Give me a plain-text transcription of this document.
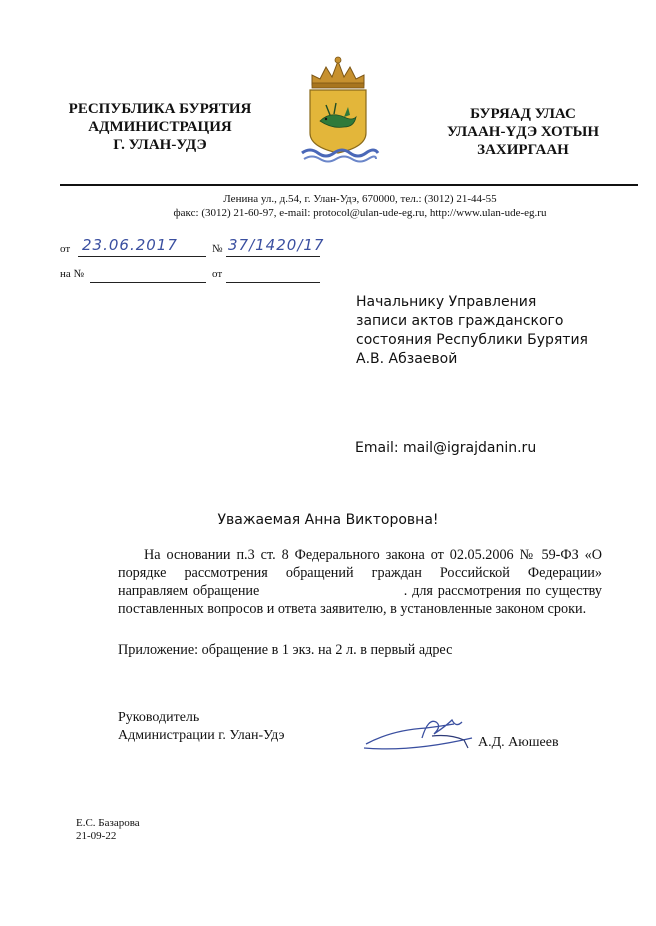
РЕСПУБЛИКА БУРЯТИЯ
АДМИНИСТРАЦИЯ
Г. УЛАН-УДЭ
БУРЯАД УЛАС
УЛААН-ҮДЭ ХОТЫН
ЗАХИРГААН
Ленина ул., д.54, г. Улан-Удэ, 670000, тел.: (3012) 21-44-55
факс: (3012) 21-60-97, e-mail: protocol@ulan-ude-eg.ru, http://www.ulan-ude-eg.ru
от 23.06.2017	№ 37/1420/17
на №	от
Начальнику Управления
записи актов гражданского
состояния Республики Бурятия
А.В. Абзаевой
Email: mail@igrajdanin.ru
Уважаемая Анна Викторовна!
На основании п.3 ст. 8 Федерального закона от 02.05.2006 № 59-ФЗ «О
порядке рассмотрения обращений граждан Российской Федерации»
направляем обращение                              . для рассмотрения по существу
поставленных вопросов и ответа заявителю, в установленные законом сроки.
Приложение: обращение в 1 экз. на 2 л. в первый адрес
Руководитель
Администрации г. Улан-Удэ	А.Д. Аюшеев
Е.С. Базарова
21-09-22
